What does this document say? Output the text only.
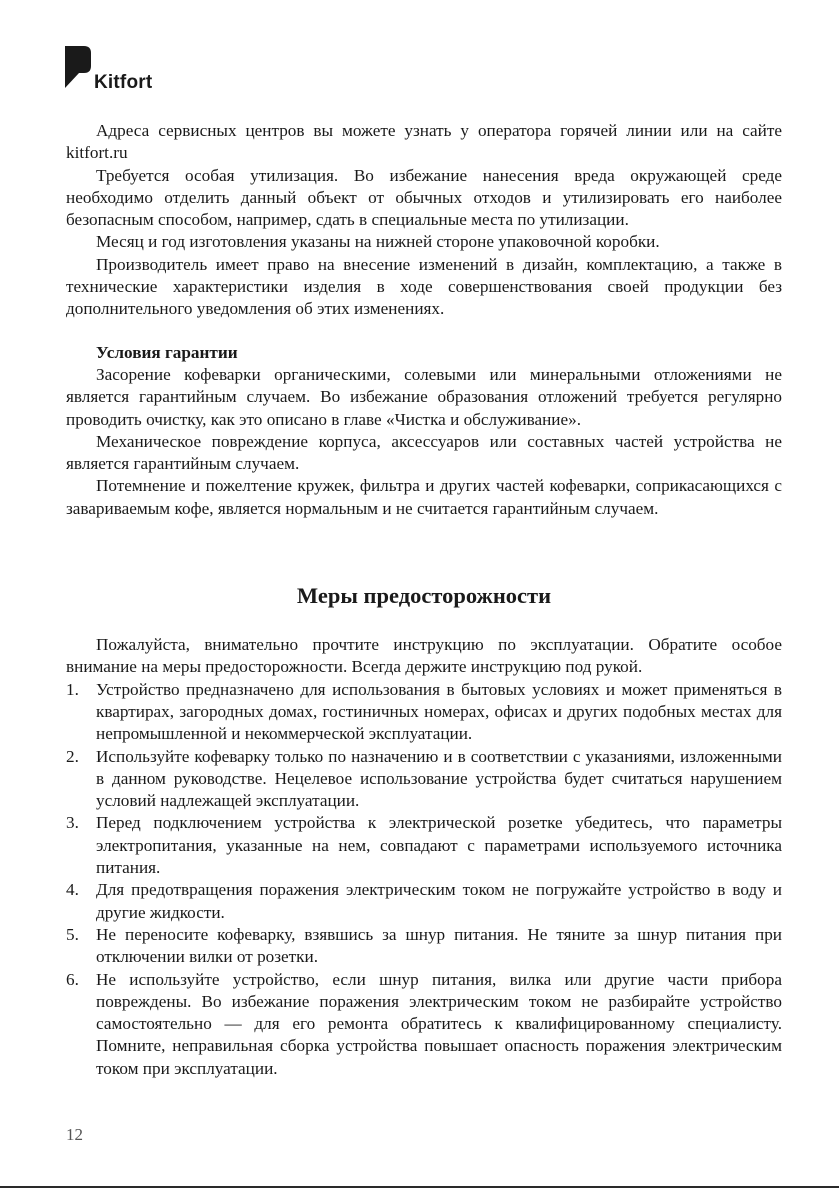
Kitfort

Адреса сервисных центров вы можете узнать у оператора горячей линии или на сайте kitfort.ru

Требуется особая утилизация. Во избежание нанесения вреда окружающей среде необходимо отделить данный объект от обычных отходов и утилизировать его наиболее безопасным способом, например, сдать в специальные места по утилизации.

Месяц и год изготовления указаны на нижней стороне упаковочной коробки.

Производитель имеет право на внесение изменений в дизайн, комплектацию, а также в технические характеристики изделия в ходе совершенствования своей продукции без дополнительного уведомления об этих изменениях.

Условия гарантии

Засорение кофеварки органическими, солевыми или минеральными отложениями не является гарантийным случаем. Во избежание образования отложений требуется регулярно проводить очистку, как это описано в главе «Чистка и обслуживание».

Механическое повреждение корпуса, аксессуаров или составных частей устройства не является гарантийным случаем.

Потемнение и пожелтение кружек, фильтра и других частей кофеварки, соприкасающихся с завариваемым кофе, является нормальным и не считается гарантийным случаем.

Меры предосторожности

Пожалуйста, внимательно прочтите инструкцию по эксплуатации. Обратите особое внимание на меры предосторожности. Всегда держите инструкцию под рукой.

1. Устройство предназначено для использования в бытовых условиях и может применяться в квартирах, загородных домах, гостиничных номерах, офисах и других подобных местах для непромышленной и некоммерческой эксплуатации.
2. Используйте кофеварку только по назначению и в соответствии с указаниями, изложенными в данном руководстве. Нецелевое использование устройства будет считаться нарушением условий надлежащей эксплуатации.
3. Перед подключением устройства к электрической розетке убедитесь, что параметры электропитания, указанные на нем, совпадают с параметрами используемого источника питания.
4. Для предотвращения поражения электрическим током не погружайте устройство в воду и другие жидкости.
5. Не переносите кофеварку, взявшись за шнур питания. Не тяните за шнур питания при отключении вилки от розетки.
6. Не используйте устройство, если шнур питания, вилка или другие части прибора повреждены. Во избежание поражения электрическим током не разбирайте устройство самостоятельно — для его ремонта обратитесь к квалифицированному специалисту. Помните, неправильная сборка устройства повышает опасность поражения электрическим током при эксплуатации.
12
